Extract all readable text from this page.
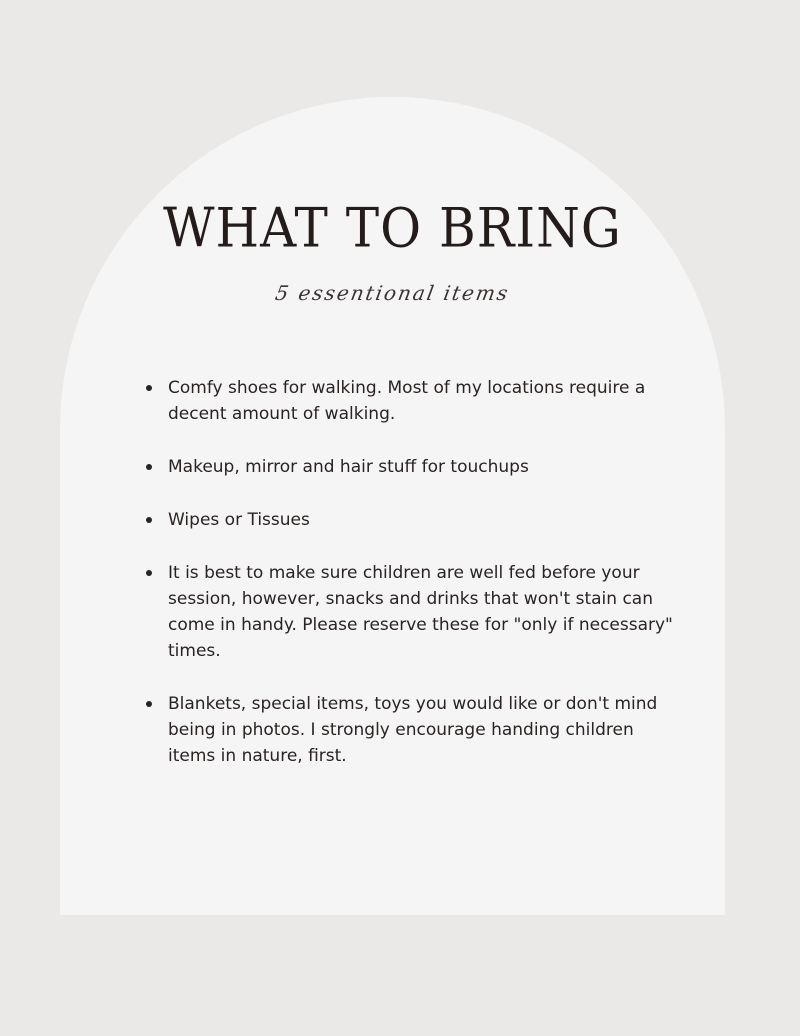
WHAT TO BRING
5 essentional items
Comfy shoes for walking. Most of my locations require a decent amount of walking.
Makeup, mirror and hair stuff for touchups
Wipes or Tissues
It is best to make sure children are well fed before your session, however, snacks and drinks that won't stain can come in handy. Please reserve these for "only if necessary" times.
Blankets, special items, toys you would like or don't mind being in photos. I strongly encourage handing children items in nature, first.
